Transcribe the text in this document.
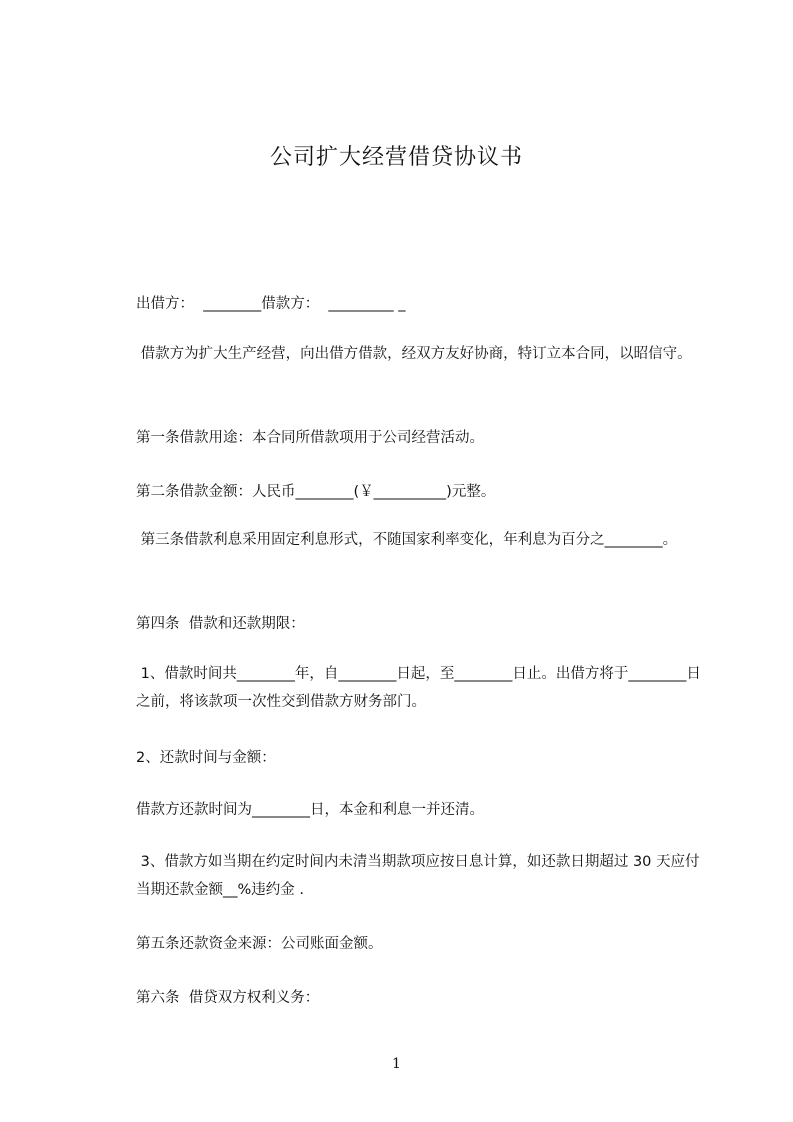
公司扩大经营借贷协议书
出借方：  ________借款方：  _________ _
借款方为扩大生产经营，向出借方借款，经双方友好协商，特订立本合同，以昭信守。
第一条借款用途：本合同所借款项用于公司经营活动。
第二条借款金额：人民币________(￥__________)元整。
第三条借款利息采用固定利息形式，不随国家利率变化，年利息为百分之________。
第四条  借款和还款期限：
1、借款时间共________年，自________日起，至________日止。出借方将于________日之前，将该款项一次性交到借款方财务部门。
2、还款时间与金额：
借款方还款时间为________日，本金和利息一并还清。
3、借款方如当期在约定时间内未清当期款项应按日息计算，如还款日期超过 30 天应付当期还款金额__%违约金 .
第五条还款资金来源：公司账面金额。
第六条  借贷双方权利义务：
1
